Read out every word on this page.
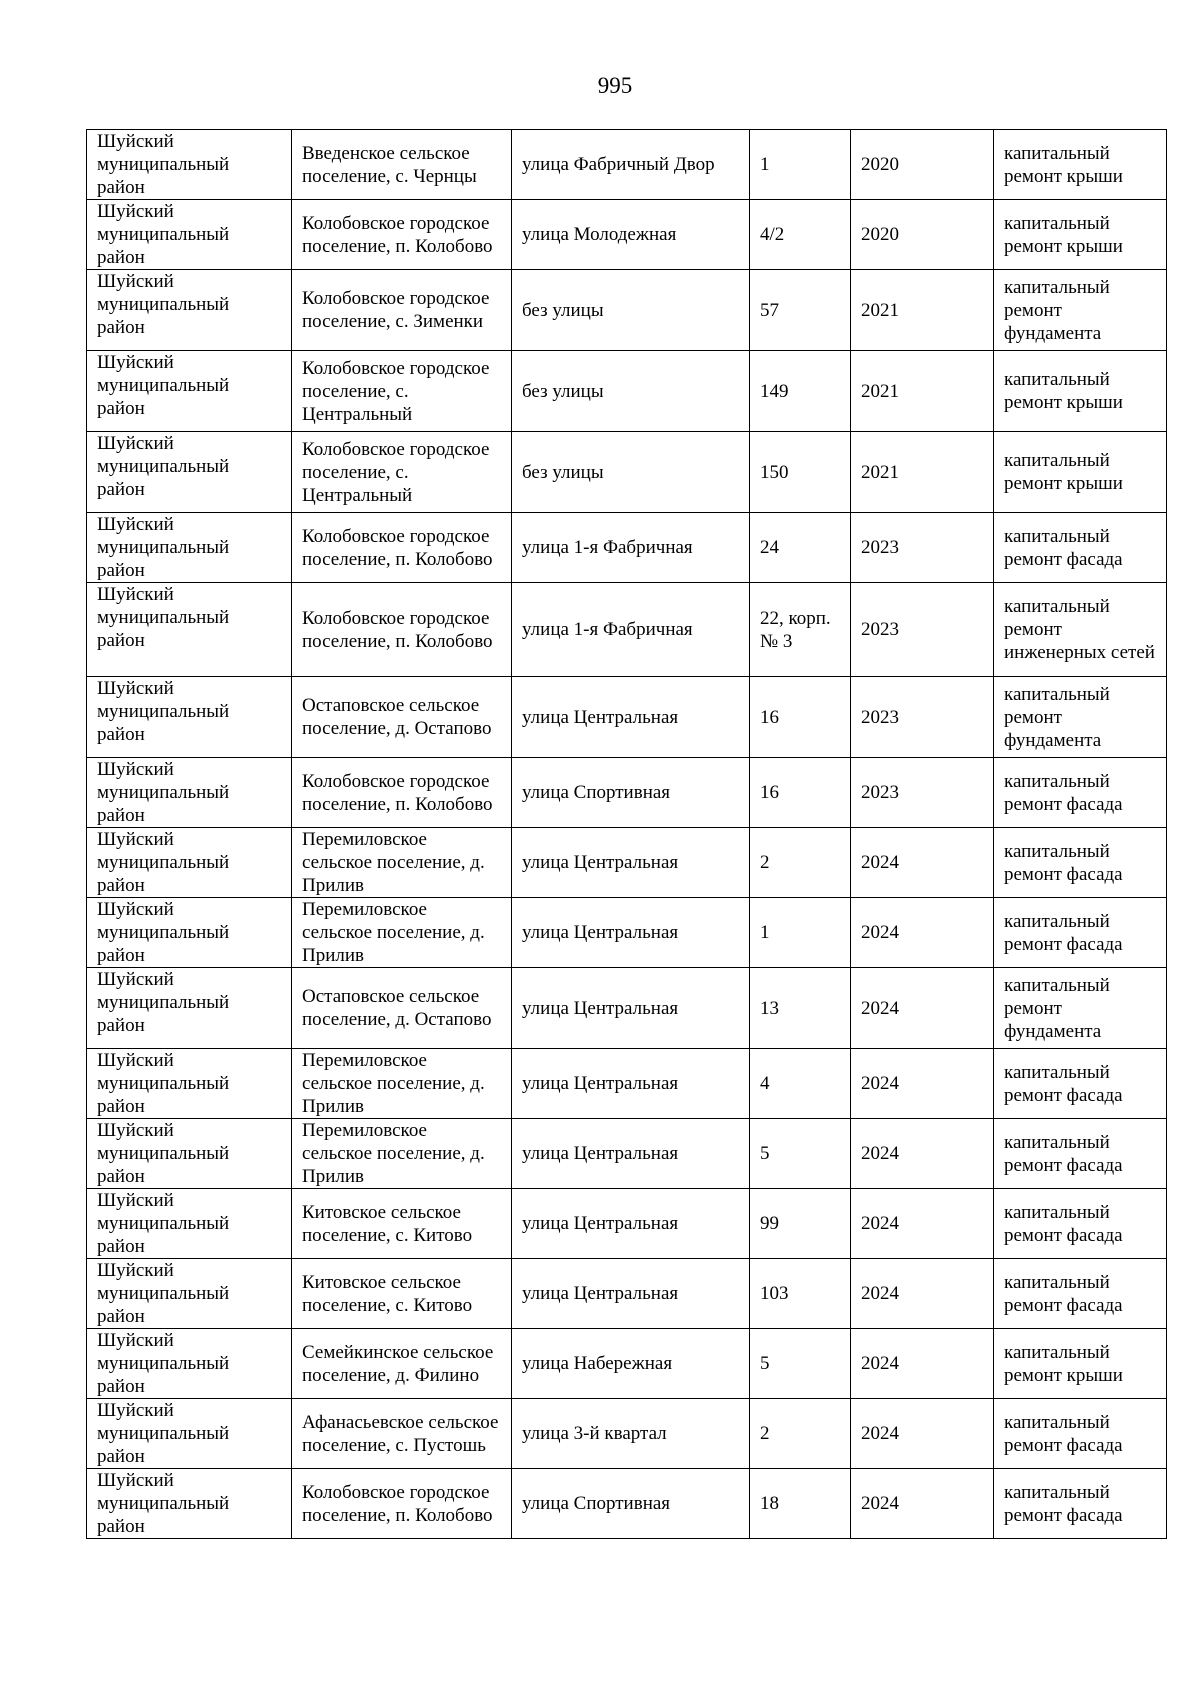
995
Шуйский муниципальный район	Введенское сельское поселение, с. Чернцы	улица Фабричный Двор	1	2020	капитальный ремонт крыши
Шуйский муниципальный район	Колобовское городское поселение, п. Колобово	улица Молодежная	4/2	2020	капитальный ремонт крыши
Шуйский муниципальный район	Колобовское городское поселение, с. Зименки	без улицы	57	2021	капитальный ремонт фундамента
Шуйский муниципальный район	Колобовское городское поселение, с. Центральный	без улицы	149	2021	капитальный ремонт крыши
Шуйский муниципальный район	Колобовское городское поселение, с. Центральный	без улицы	150	2021	капитальный ремонт крыши
Шуйский муниципальный район	Колобовское городское поселение, п. Колобово	улица 1-я Фабричная	24	2023	капитальный ремонт фасада
Шуйский муниципальный район	Колобовское городское поселение, п. Колобово	улица 1-я Фабричная	22, корп. № 3	2023	капитальный ремонт инженерных сетей
Шуйский муниципальный район	Остаповское сельское поселение, д. Остапово	улица Центральная	16	2023	капитальный ремонт фундамента
Шуйский муниципальный район	Колобовское городское поселение, п. Колобово	улица Спортивная	16	2023	капитальный ремонт фасада
Шуйский муниципальный район	Перемиловское сельское поселение, д. Прилив	улица Центральная	2	2024	капитальный ремонт фасада
Шуйский муниципальный район	Перемиловское сельское поселение, д. Прилив	улица Центральная	1	2024	капитальный ремонт фасада
Шуйский муниципальный район	Остаповское сельское поселение, д. Остапово	улица Центральная	13	2024	капитальный ремонт фундамента
Шуйский муниципальный район	Перемиловское сельское поселение, д. Прилив	улица Центральная	4	2024	капитальный ремонт фасада
Шуйский муниципальный район	Перемиловское сельское поселение, д. Прилив	улица Центральная	5	2024	капитальный ремонт фасада
Шуйский муниципальный район	Китовское сельское поселение, с. Китово	улица Центральная	99	2024	капитальный ремонт фасада
Шуйский муниципальный район	Китовское сельское поселение, с. Китово	улица Центральная	103	2024	капитальный ремонт фасада
Шуйский муниципальный район	Семейкинское сельское поселение, д. Филино	улица Набережная	5	2024	капитальный ремонт крыши
Шуйский муниципальный район	Афанасьевское сельское поселение, с. Пустошь	улица 3-й квартал	2	2024	капитальный ремонт фасада
Шуйский муниципальный район	Колобовское городское поселение, п. Колобово	улица Спортивная	18	2024	капитальный ремонт фасада
